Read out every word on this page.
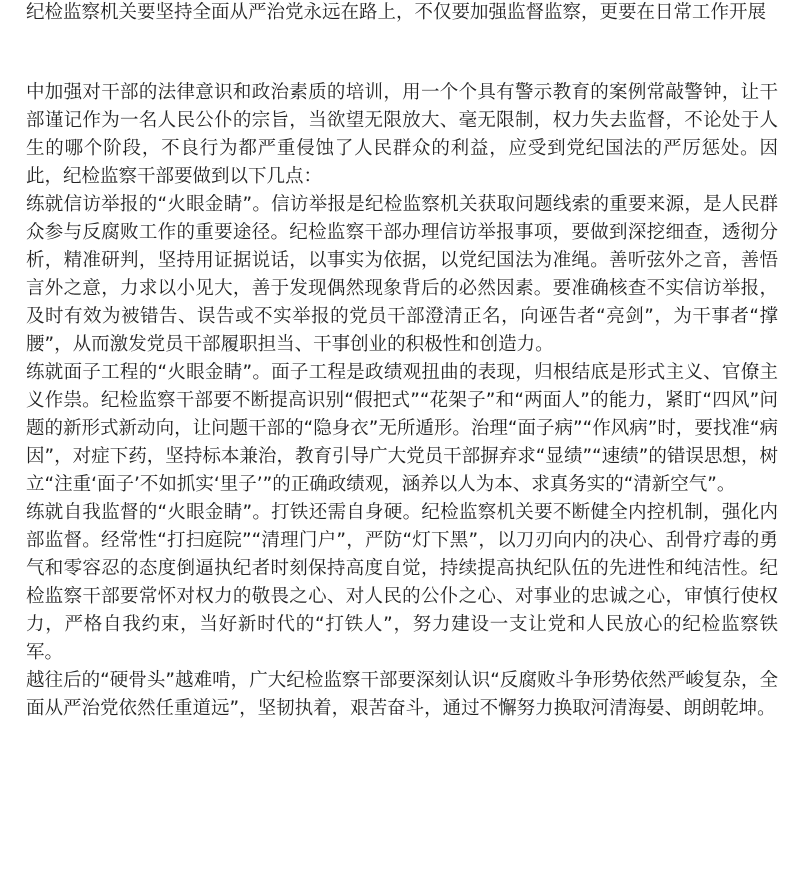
纪检监察机关要坚持全面从严治党永远在路上，不仅要加强监督监察，更要在日常工作开展

中加强对干部的法律意识和政治素质的培训，用一个个具有警示教育的案例常敲警钟，让干部谨记作为一名人民公仆的宗旨，当欲望无限放大、毫无限制，权力失去监督，不论处于人生的哪个阶段，不良行为都严重侵蚀了人民群众的利益，应受到党纪国法的严厉惩处。因此，纪检监察干部要做到以下几点：

练就信访举报的“火眼金睛”。信访举报是纪检监察机关获取问题线索的重要来源，是人民群众参与反腐败工作的重要途径。纪检监察干部办理信访举报事项，要做到深挖细查，透彻分析，精准研判，坚持用证据说话，以事实为依据，以党纪国法为准绳。善听弦外之音，善悟言外之意，力求以小见大，善于发现偶然现象背后的必然因素。要准确核查不实信访举报，及时有效为被错告、误告或不实举报的党员干部澄清正名，向诬告者“亮剑”，为干事者“撑腰”，从而激发党员干部履职担当、干事创业的积极性和创造力。

练就面子工程的“火眼金睛”。面子工程是政绩观扭曲的表现，归根结底是形式主义、官僚主义作祟。纪检监察干部要不断提高识别“假把式”“花架子”和“两面人”的能力，紧盯“四风”问题的新形式新动向，让问题干部的“隐身衣”无所遁形。治理“面子病”“作风病”时，要找准“病因”，对症下药，坚持标本兼治，教育引导广大党员干部摒弃求“显绩”“速绩”的错误思想，树立“注重‘面子’不如抓实‘里子’”的正确政绩观，涵养以人为本、求真务实的“清新空气”。

练就自我监督的“火眼金睛”。打铁还需自身硬。纪检监察机关要不断健全内控机制，强化内部监督。经常性“打扫庭院”“清理门户”，严防“灯下黑”，以刀刃向内的决心、刮骨疗毒的勇气和零容忍的态度倒逼执纪者时刻保持高度自觉，持续提高执纪队伍的先进性和纯洁性。纪检监察干部要常怀对权力的敬畏之心、对人民的公仆之心、对事业的忠诚之心，审慎行使权力，严格自我约束，当好新时代的“打铁人”，努力建设一支让党和人民放心的纪检监察铁军。

越往后的“硬骨头”越难啃，广大纪检监察干部要深刻认识“反腐败斗争形势依然严峻复杂，全面从严治党依然任重道远”，坚韧执着，艰苦奋斗，通过不懈努力换取河清海晏、朗朗乾坤。
